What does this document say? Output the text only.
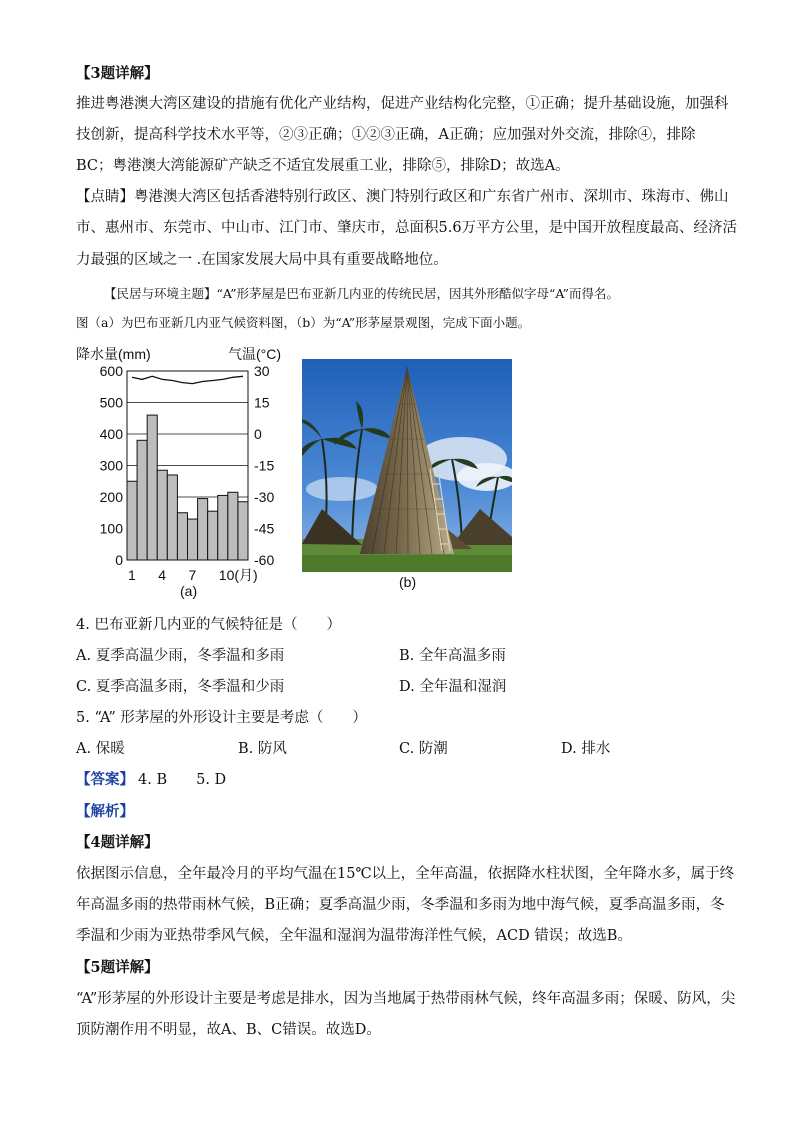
【3题详解】
推进粤港澳大湾区建设的措施有优化产业结构，促进产业结构化完整，①正确；提升基础设施，加强科
技创新，提高科学技术水平等，②③正确；①②③正确，A正确；应加强对外交流，排除④，排除
BC；粤港澳大湾能源矿产缺乏不适宜发展重工业，排除⑤，排除D；故选A。
【点睛】粤港澳大湾区包括香港特别行政区、澳门特别行政区和广东省广州市、深圳市、珠海市、佛山
市、惠州市、东莞市、中山市、江门市、肇庆市，总面积5.6万平方公里，是中国开放程度最高、经济活
力最强的区域之一 .在国家发展大局中具有重要战略地位。
【民居与环境主题】“A”形茅屋是巴布亚新几内亚的传统民居，因其外形酷似字母“A”而得名。
图（a）为巴布亚新几内亚气候资料图，（b）为“A”形茅屋景观图，完成下面小题。
降水量(mm)	气温(°C)
600
500
400
300
200
100
0
30
15
0
-15
-30
-45
-60
1 4 7 10(月)
(a)
(b)
4. 巴布亚新几内亚的气候特征是（　　）
A. 夏季高温少雨，冬季温和多雨	B. 全年高温多雨
C. 夏季高温多雨，冬季温和少雨	D. 全年温和湿润
5. “A” 形茅屋的外形设计主要是考虑（　　）
A. 保暖	B. 防风	C. 防潮	D. 排水
【答案】 4. B　　5. D
【解析】
【4题详解】
依据图示信息，全年最冷月的平均气温在15℃以上，全年高温，依据降水柱状图，全年降水多，属于终
年高温多雨的热带雨林气候，B正确；夏季高温少雨，冬季温和多雨为地中海气候，夏季高温多雨，冬
季温和少雨为亚热带季风气候，全年温和湿润为温带海洋性气候，ACD 错误；故选B。
【5题详解】
“A”形茅屋的外形设计主要是考虑是排水，因为当地属于热带雨林气候，终年高温多雨；保暖、防风，尖
顶防潮作用不明显，故A、B、C错误。故选D。
